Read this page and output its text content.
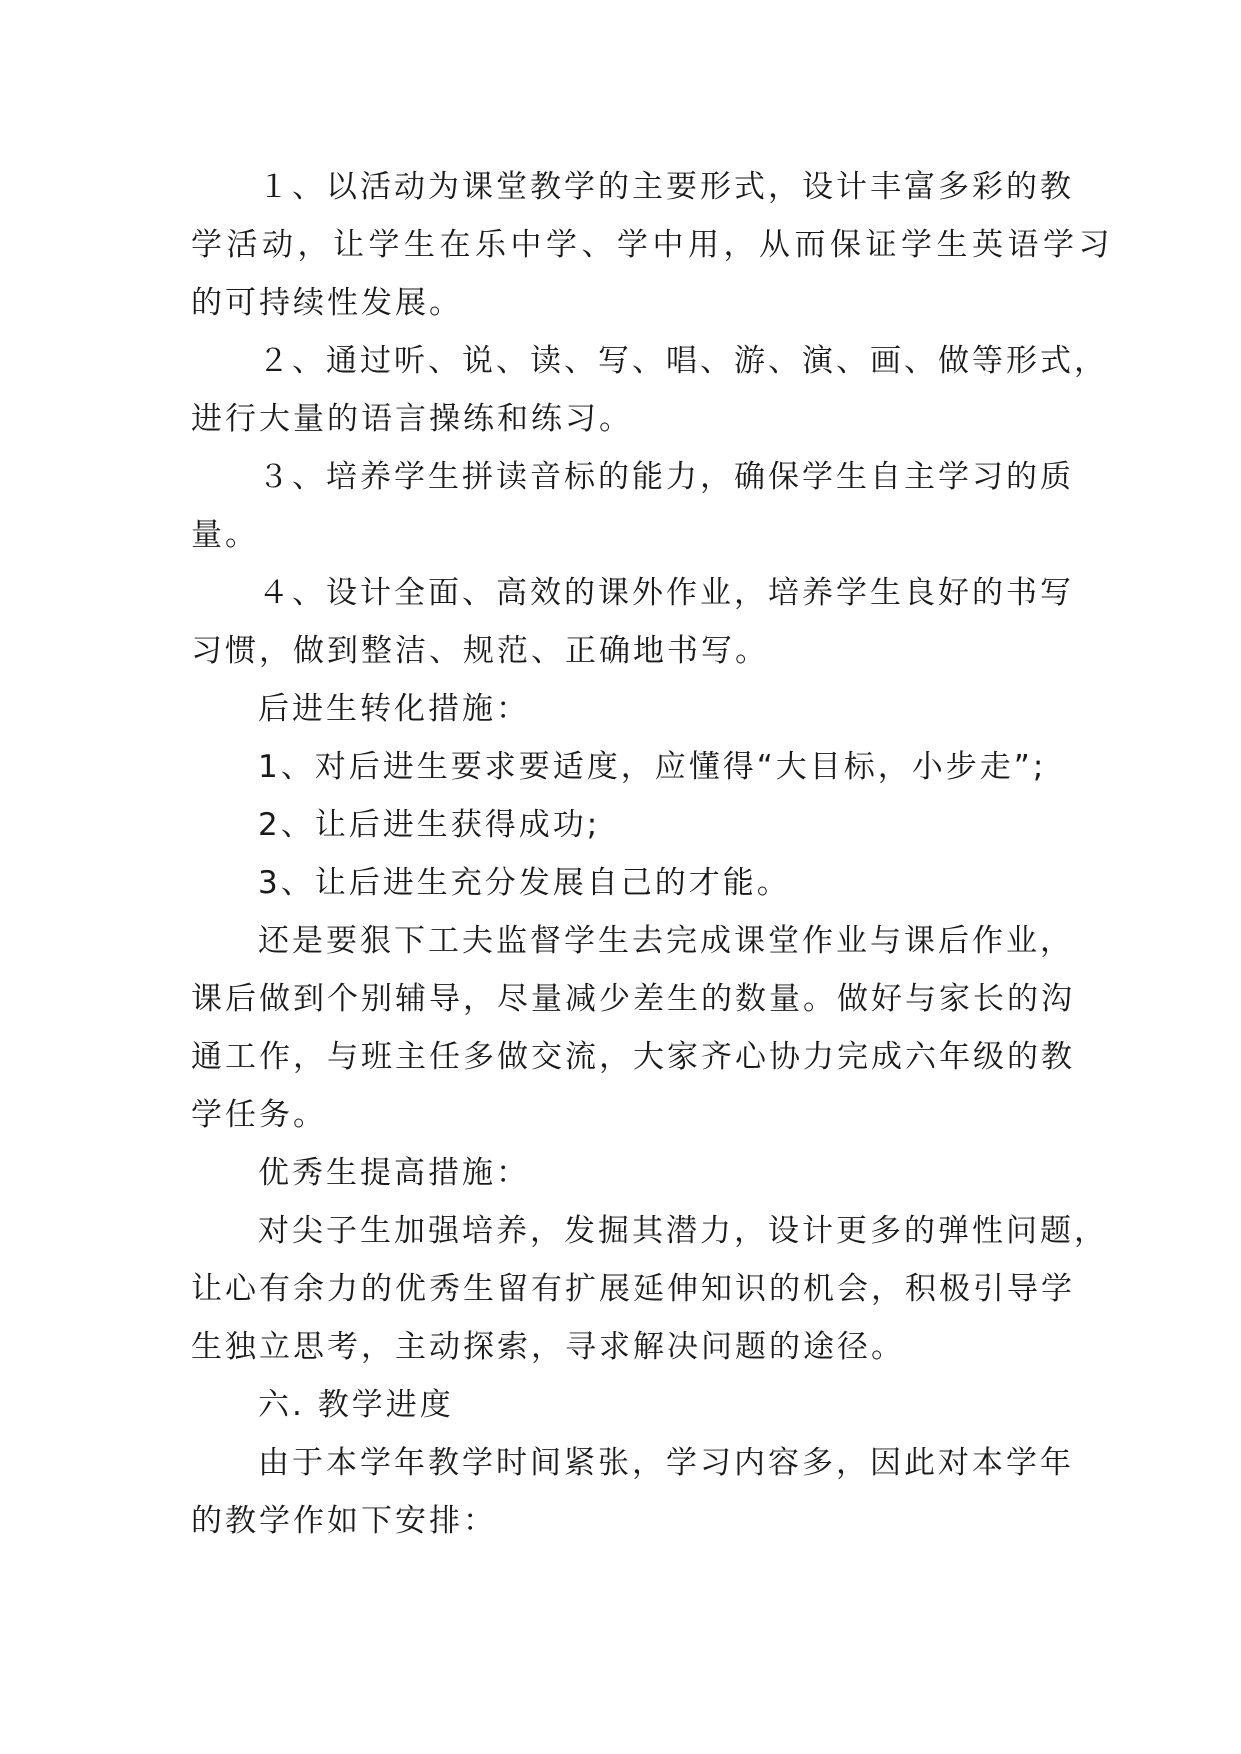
１、以活动为课堂教学的主要形式，设计丰富多彩的教
学活动，让学生在乐中学、学中用，从而保证学生英语学习
的可持续性发展。
２、通过听、说、读、写、唱、游、演、画、做等形式，
进行大量的语言操练和练习。
３、培养学生拼读音标的能力，确保学生自主学习的质
量。
４、设计全面、高效的课外作业，培养学生良好的书写
习惯，做到整洁、规范、正确地书写。
后进生转化措施：
1、对后进生要求要适度，应懂得“大目标，小步走”;
2、让后进生获得成功;
3、让后进生充分发展自己的才能。
还是要狠下工夫监督学生去完成课堂作业与课后作业，
课后做到个别辅导，尽量减少差生的数量。做好与家长的沟
通工作，与班主任多做交流，大家齐心协力完成六年级的教
学任务。
优秀生提高措施：
对尖子生加强培养，发掘其潜力，设计更多的弹性问题，
让心有余力的优秀生留有扩展延伸知识的机会，积极引导学
生独立思考，主动探索，寻求解决问题的途径。
六. 教学进度
由于本学年教学时间紧张，学习内容多，因此对本学年
的教学作如下安排：
